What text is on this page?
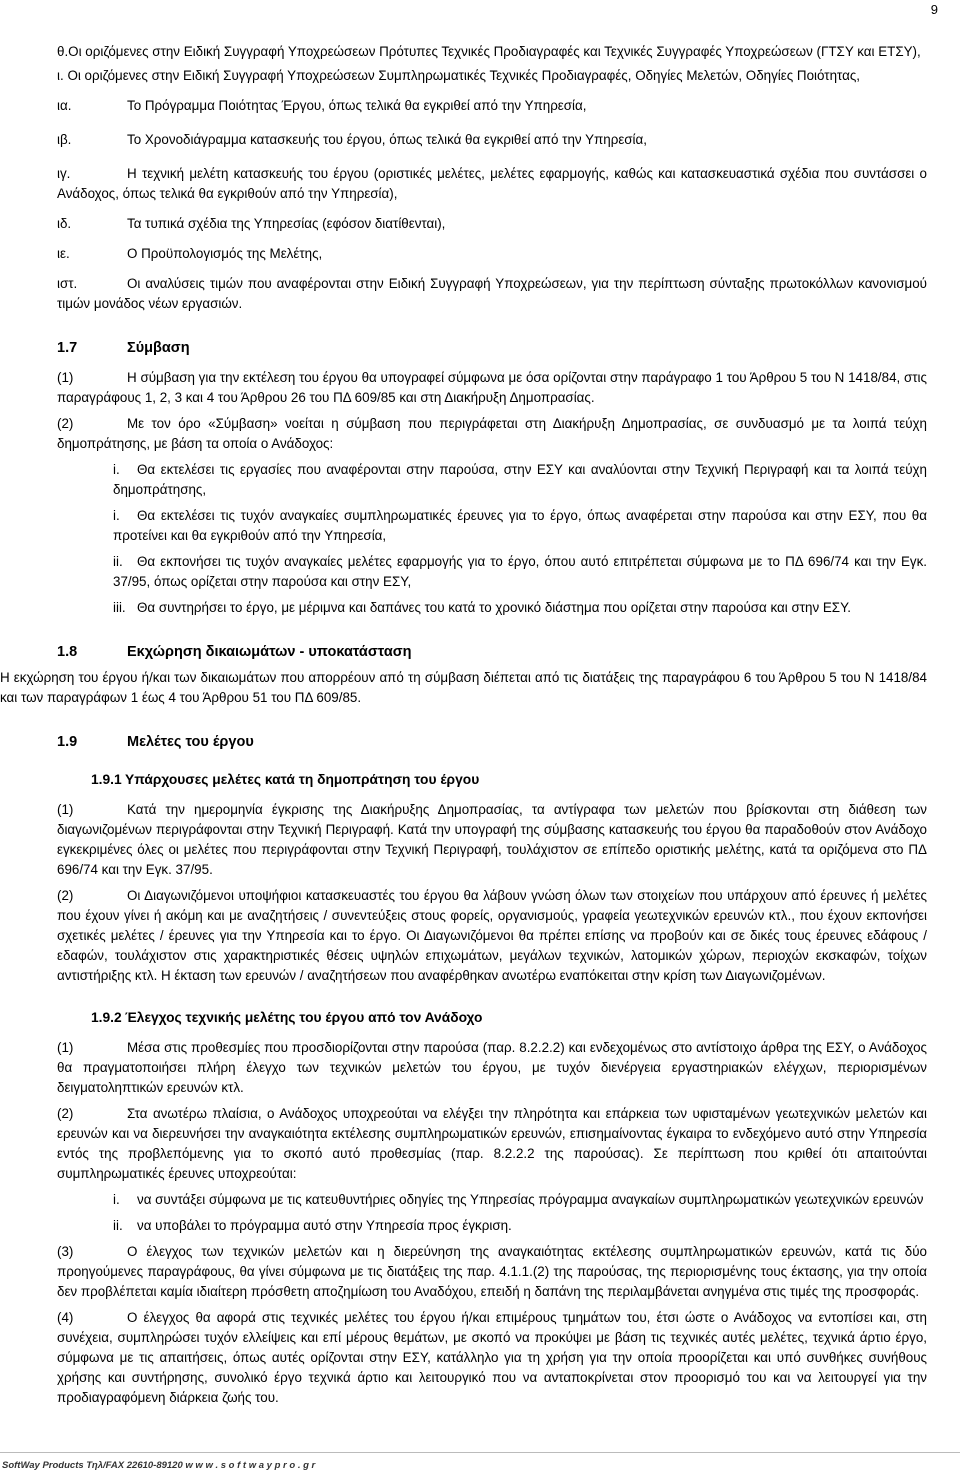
9

θ.Οι οριζόμενες στην Ειδική Συγγραφή Υποχρεώσεων Πρότυπες Τεχνικές Προδιαγραφές και Τεχνικές Συγγραφές Υποχρεώσεων (ΓΤΣΥ και ΕΤΣΥ),

ι. Οι οριζόμενες στην Ειδική Συγγραφή Υποχρεώσεων Συμπληρωματικές Τεχνικές Προδιαγραφές, Οδηγίες Μελετών, Οδηγίες Ποιότητας,

ια.	Το Πρόγραμμα Ποιότητας Έργου, όπως τελικά θα εγκριθεί από την Υπηρεσία,

ιβ.	Το Χρονοδιάγραμμα κατασκευής του έργου, όπως τελικά θα εγκριθεί από την Υπηρεσία,

ιγ.	Η τεχνική μελέτη κατασκευής του έργου (οριστικές μελέτες, μελέτες εφαρμογής, καθώς και κατασκευαστικά σχέδια που συντάσσει ο Ανάδοχος, όπως τελικά θα εγκριθούν από την Υπηρεσία),

ιδ.	Τα τυπικά σχέδια της Υπηρεσίας (εφόσον διατίθενται),

ιε.	Ο Προϋπολογισμός της Μελέτης,

ιστ.	Οι αναλύσεις τιμών που αναφέρονται στην Ειδική Συγγραφή Υποχρεώσεων, για την περίπτωση σύνταξης πρωτοκόλλων κανονισμού τιμών μονάδος νέων εργασιών.

1.7	Σύμβαση

(1)	Η σύμβαση για την εκτέλεση του έργου θα υπογραφεί σύμφωνα με όσα ορίζονται στην παράγραφο 1 του Άρθρου 5 του Ν 1418/84, στις παραγράφους 1, 2, 3 και 4 του Άρθρου 26 του ΠΔ 609/85 και στη Διακήρυξη Δημοπρασίας.

(2)	Με τον όρο «Σύμβαση» νοείται η σύμβαση που περιγράφεται στη Διακήρυξη Δημοπρασίας, σε συνδυασμό με τα λοιπά τεύχη δημοπράτησης, με βάση τα οποία ο Ανάδοχος:

i. Θα εκτελέσει τις εργασίες που αναφέρονται στην παρούσα, στην ΕΣΥ και αναλύονται στην Τεχνική Περιγραφή και τα λοιπά τεύχη δημοπράτησης,

i. Θα εκτελέσει τις τυχόν αναγκαίες συμπληρωματικές έρευνες για το έργο, όπως αναφέρεται στην παρούσα και στην ΕΣΥ, που θα προτείνει και θα εγκριθούν από την Υπηρεσία,

ii. Θα εκπονήσει τις τυχόν αναγκαίες μελέτες εφαρμογής για το έργο, όπου αυτό επιτρέπεται σύμφωνα με το ΠΔ 696/74 και την Εγκ. 37/95, όπως ορίζεται στην παρούσα και στην ΕΣΥ,

iii. Θα συντηρήσει το έργο, με μέριμνα και δαπάνες του κατά το χρονικό διάστημα που ορίζεται στην παρούσα και στην ΕΣΥ.

1.8	Εκχώρηση δικαιωμάτων - υποκατάσταση

Η εκχώρηση του έργου ή/και των δικαιωμάτων που απορρέουν από τη σύμβαση διέπεται από τις διατάξεις της παραγράφου 6 του Άρθρου 5 του Ν 1418/84 και των παραγράφων 1 έως 4 του Άρθρου 51 του ΠΔ 609/85.

1.9	Μελέτες του έργου
1.9.1 Υπάρχουσες μελέτες κατά τη δημοπράτηση του έργου

(1)	Κατά την ημερομηνία έγκρισης της Διακήρυξης Δημοπρασίας, τα αντίγραφα των μελετών που βρίσκονται στη διάθεση των διαγωνιζομένων περιγράφονται στην Τεχνική Περιγραφή. Κατά την υπογραφή της σύμβασης κατασκευής του έργου θα παραδοθούν στον Ανάδοχο εγκεκριμένες όλες οι μελέτες που περιγράφονται στην Τεχνική Περιγραφή, τουλάχιστον σε επίπεδο οριστικής μελέτης, κατά τα οριζόμενα στο ΠΔ 696/74 και την Εγκ. 37/95.

(2)	Οι Διαγωνιζόμενοι υποψήφιοι κατασκευαστές του έργου θα λάβουν γνώση όλων των στοιχείων που υπάρχουν από έρευνες ή μελέτες που έχουν γίνει ή ακόμη και με αναζητήσεις / συνεντεύξεις στους φορείς, οργανισμούς, γραφεία γεωτεχνικών ερευνών κτλ., που έχουν εκπονήσει σχετικές μελέτες / έρευνες για την Υπηρεσία και το έργο. Οι Διαγωνιζόμενοι θα πρέπει επίσης να προβούν και σε δικές τους έρευνες εδάφους / εδαφών, τουλάχιστον στις χαρακτηριστικές θέσεις υψηλών επιχωμάτων, μεγάλων τεχνικών, λατομικών χώρων, περιοχών εκσκαφών, τοίχων αντιστήριξης κτλ. Η έκταση των ερευνών / αναζητήσεων που αναφέρθηκαν ανωτέρω εναπόκειται στην κρίση των Διαγωνιζομένων.

1.9.2 Έλεγχος τεχνικής μελέτης του έργου από τον Ανάδοχο

(1)	Μέσα στις προθεσμίες που προσδιορίζονται στην παρούσα (παρ. 8.2.2.2) και ενδεχομένως στο αντίστοιχο άρθρα της ΕΣΥ, ο Ανάδοχος θα πραγματοποιήσει πλήρη έλεγχο των τεχνικών μελετών του έργου, με τυχόν διενέργεια εργαστηριακών ελέγχων, περιορισμένων δειγματοληπτικών ερευνών κτλ.

(2)	Στα ανωτέρω πλαίσια, ο Ανάδοχος υποχρεούται να ελέγξει την πληρότητα και επάρκεια των υφισταμένων γεωτεχνικών μελετών και ερευνών και να διερευνήσει την αναγκαιότητα εκτέλεσης συμπληρωματικών ερευνών, επισημαίνοντας έγκαιρα το ενδεχόμενο αυτό στην Υπηρεσία εντός της προβλεπόμενης για το σκοπό αυτό προθεσμίας (παρ. 8.2.2.2 της παρούσας). Σε περίπτωση που κριθεί ότι απαιτούνται συμπληρωματικές έρευνες υποχρεούται:

i. να συντάξει σύμφωνα με τις κατευθυντήριες οδηγίες της Υπηρεσίας πρόγραμμα αναγκαίων συμπληρωματικών γεωτεχνικών ερευνών

ii. να υποβάλει το πρόγραμμα αυτό στην Υπηρεσία προς έγκριση.

(3)	Ο έλεγχος των τεχνικών μελετών και η διερεύνηση της αναγκαιότητας εκτέλεσης συμπληρωματικών ερευνών, κατά τις δύο προηγούμενες παραγράφους, θα γίνει σύμφωνα με τις διατάξεις της παρ. 4.1.1.(2) της παρούσας, της περιορισμένης τους έκτασης, για την οποία δεν προβλέπεται καμία ιδιαίτερη πρόσθετη αποζημίωση του Αναδόχου, επειδή η δαπάνη της περιλαμβάνεται ανηγμένα στις τιμές της προσφοράς.

(4)	Ο έλεγχος θα αφορά στις τεχνικές μελέτες του έργου ή/και επιμέρους τμημάτων του, έτσι ώστε ο Ανάδοχος να εντοπίσει και, στη συνέχεια, συμπληρώσει τυχόν ελλείψεις και επί μέρους θεμάτων, με σκοπό να προκύψει με βάση τις τεχνικές αυτές μελέτες, τεχνικά άρτιο έργο, σύμφωνα με τις απαιτήσεις, όπως αυτές ορίζονται στην ΕΣΥ, κατάλληλο για τη χρήση για την οποία προορίζεται και υπό συνθήκες συνήθους χρήσης και συντήρησης, συνολικό έργο τεχνικά άρτιο και λειτουργικό που να ανταποκρίνεται στον προορισμό του και να λειτουργεί για την προδιαγραφόμενη διάρκεια ζωής του.

SoftWay Products Τηλ/FAX 22610-89120 w w w . s o f t w a y p r o . g r
